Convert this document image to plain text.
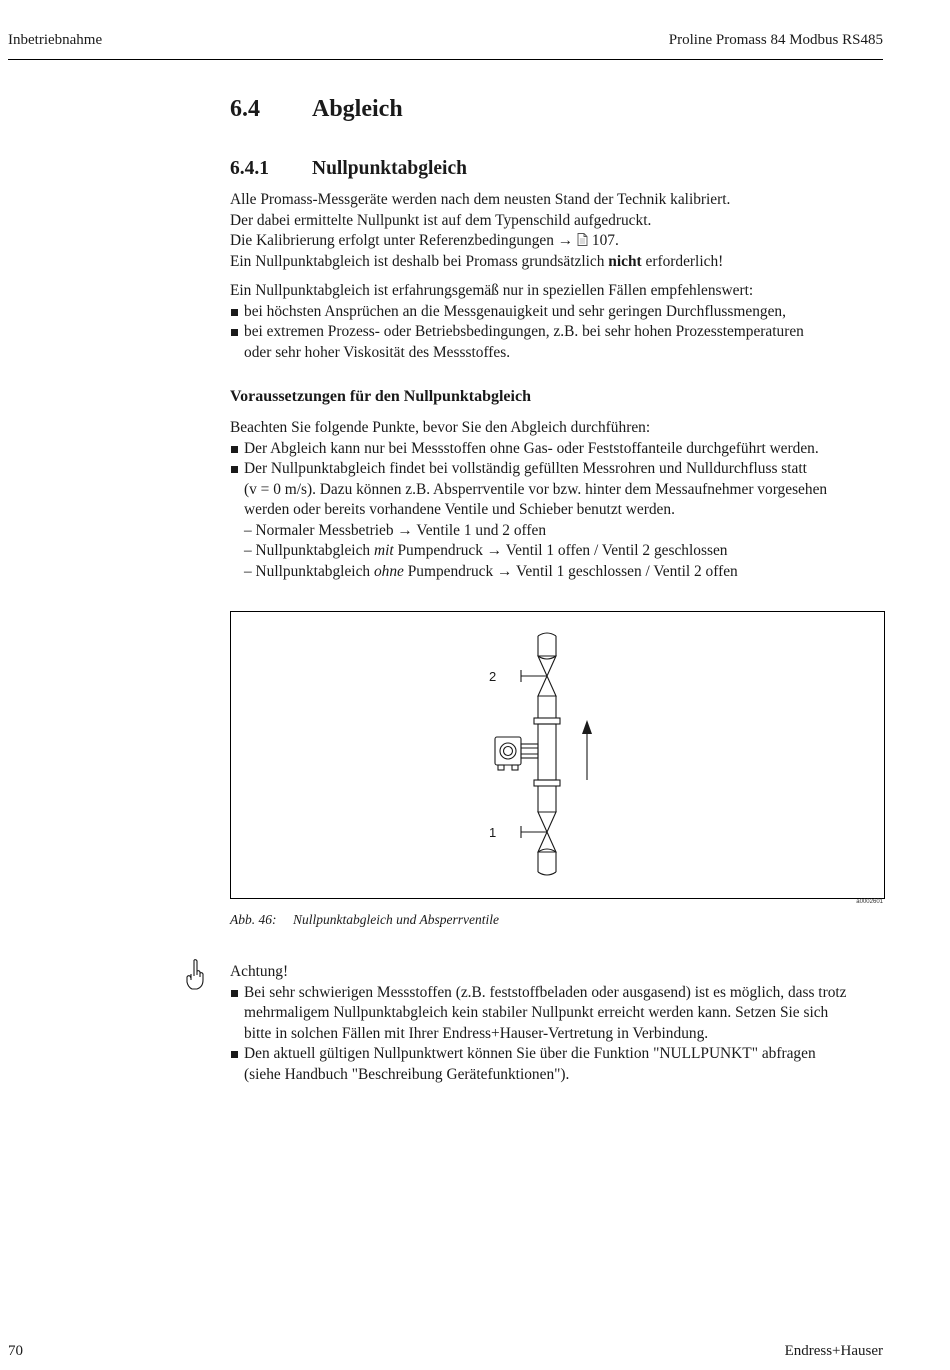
Inbetriebnahme	Proline Promass 84 Modbus RS485
6.4 Abgleich
6.4.1 Nullpunktabgleich
Alle Promass-Messgeräte werden nach dem neusten Stand der Technik kalibriert.
Der dabei ermittelte Nullpunkt ist auf dem Typenschild aufgedruckt.
Die Kalibrierung erfolgt unter Referenzbedingungen → 107.
Ein Nullpunktabgleich ist deshalb bei Promass grundsätzlich nicht erforderlich!
Ein Nullpunktabgleich ist erfahrungsgemäß nur in speziellen Fällen empfehlenswert:
bei höchsten Ansprüchen an die Messgenauigkeit und sehr geringen Durchflussmengen,
bei extremen Prozess- oder Betriebsbedingungen, z.B. bei sehr hohen Prozesstemperaturen
oder sehr hoher Viskosität des Messstoffes.
Voraussetzungen für den Nullpunktabgleich
Beachten Sie folgende Punkte, bevor Sie den Abgleich durchführen:
Der Abgleich kann nur bei Messstoffen ohne Gas- oder Feststoffanteile durchgeführt werden.
Der Nullpunktabgleich findet bei vollständig gefüllten Messrohren und Nulldurchfluss statt
(v = 0 m/s). Dazu können z.B. Absperrventile vor bzw. hinter dem Messaufnehmer vorgesehen
werden oder bereits vorhandene Ventile und Schieber benutzt werden.
– Normaler Messbetrieb → Ventile 1 und 2 offen
– Nullpunktabgleich mit Pumpendruck → Ventil 1 offen / Ventil 2 geschlossen
– Nullpunktabgleich ohne Pumpendruck → Ventil 1 geschlossen / Ventil 2 offen
2
1
a0002601
Abb. 46: Nullpunktabgleich und Absperrventile
Achtung!
Bei sehr schwierigen Messstoffen (z.B. feststoffbeladen oder ausgasend) ist es möglich, dass trotz
mehrmaligem Nullpunktabgleich kein stabiler Nullpunkt erreicht werden kann. Setzen Sie sich
bitte in solchen Fällen mit Ihrer Endress+Hauser-Vertretung in Verbindung.
Den aktuell gültigen Nullpunktwert können Sie über die Funktion "NULLPUNKT" abfragen
(siehe Handbuch "Beschreibung Gerätefunktionen").
70	Endress+Hauser
